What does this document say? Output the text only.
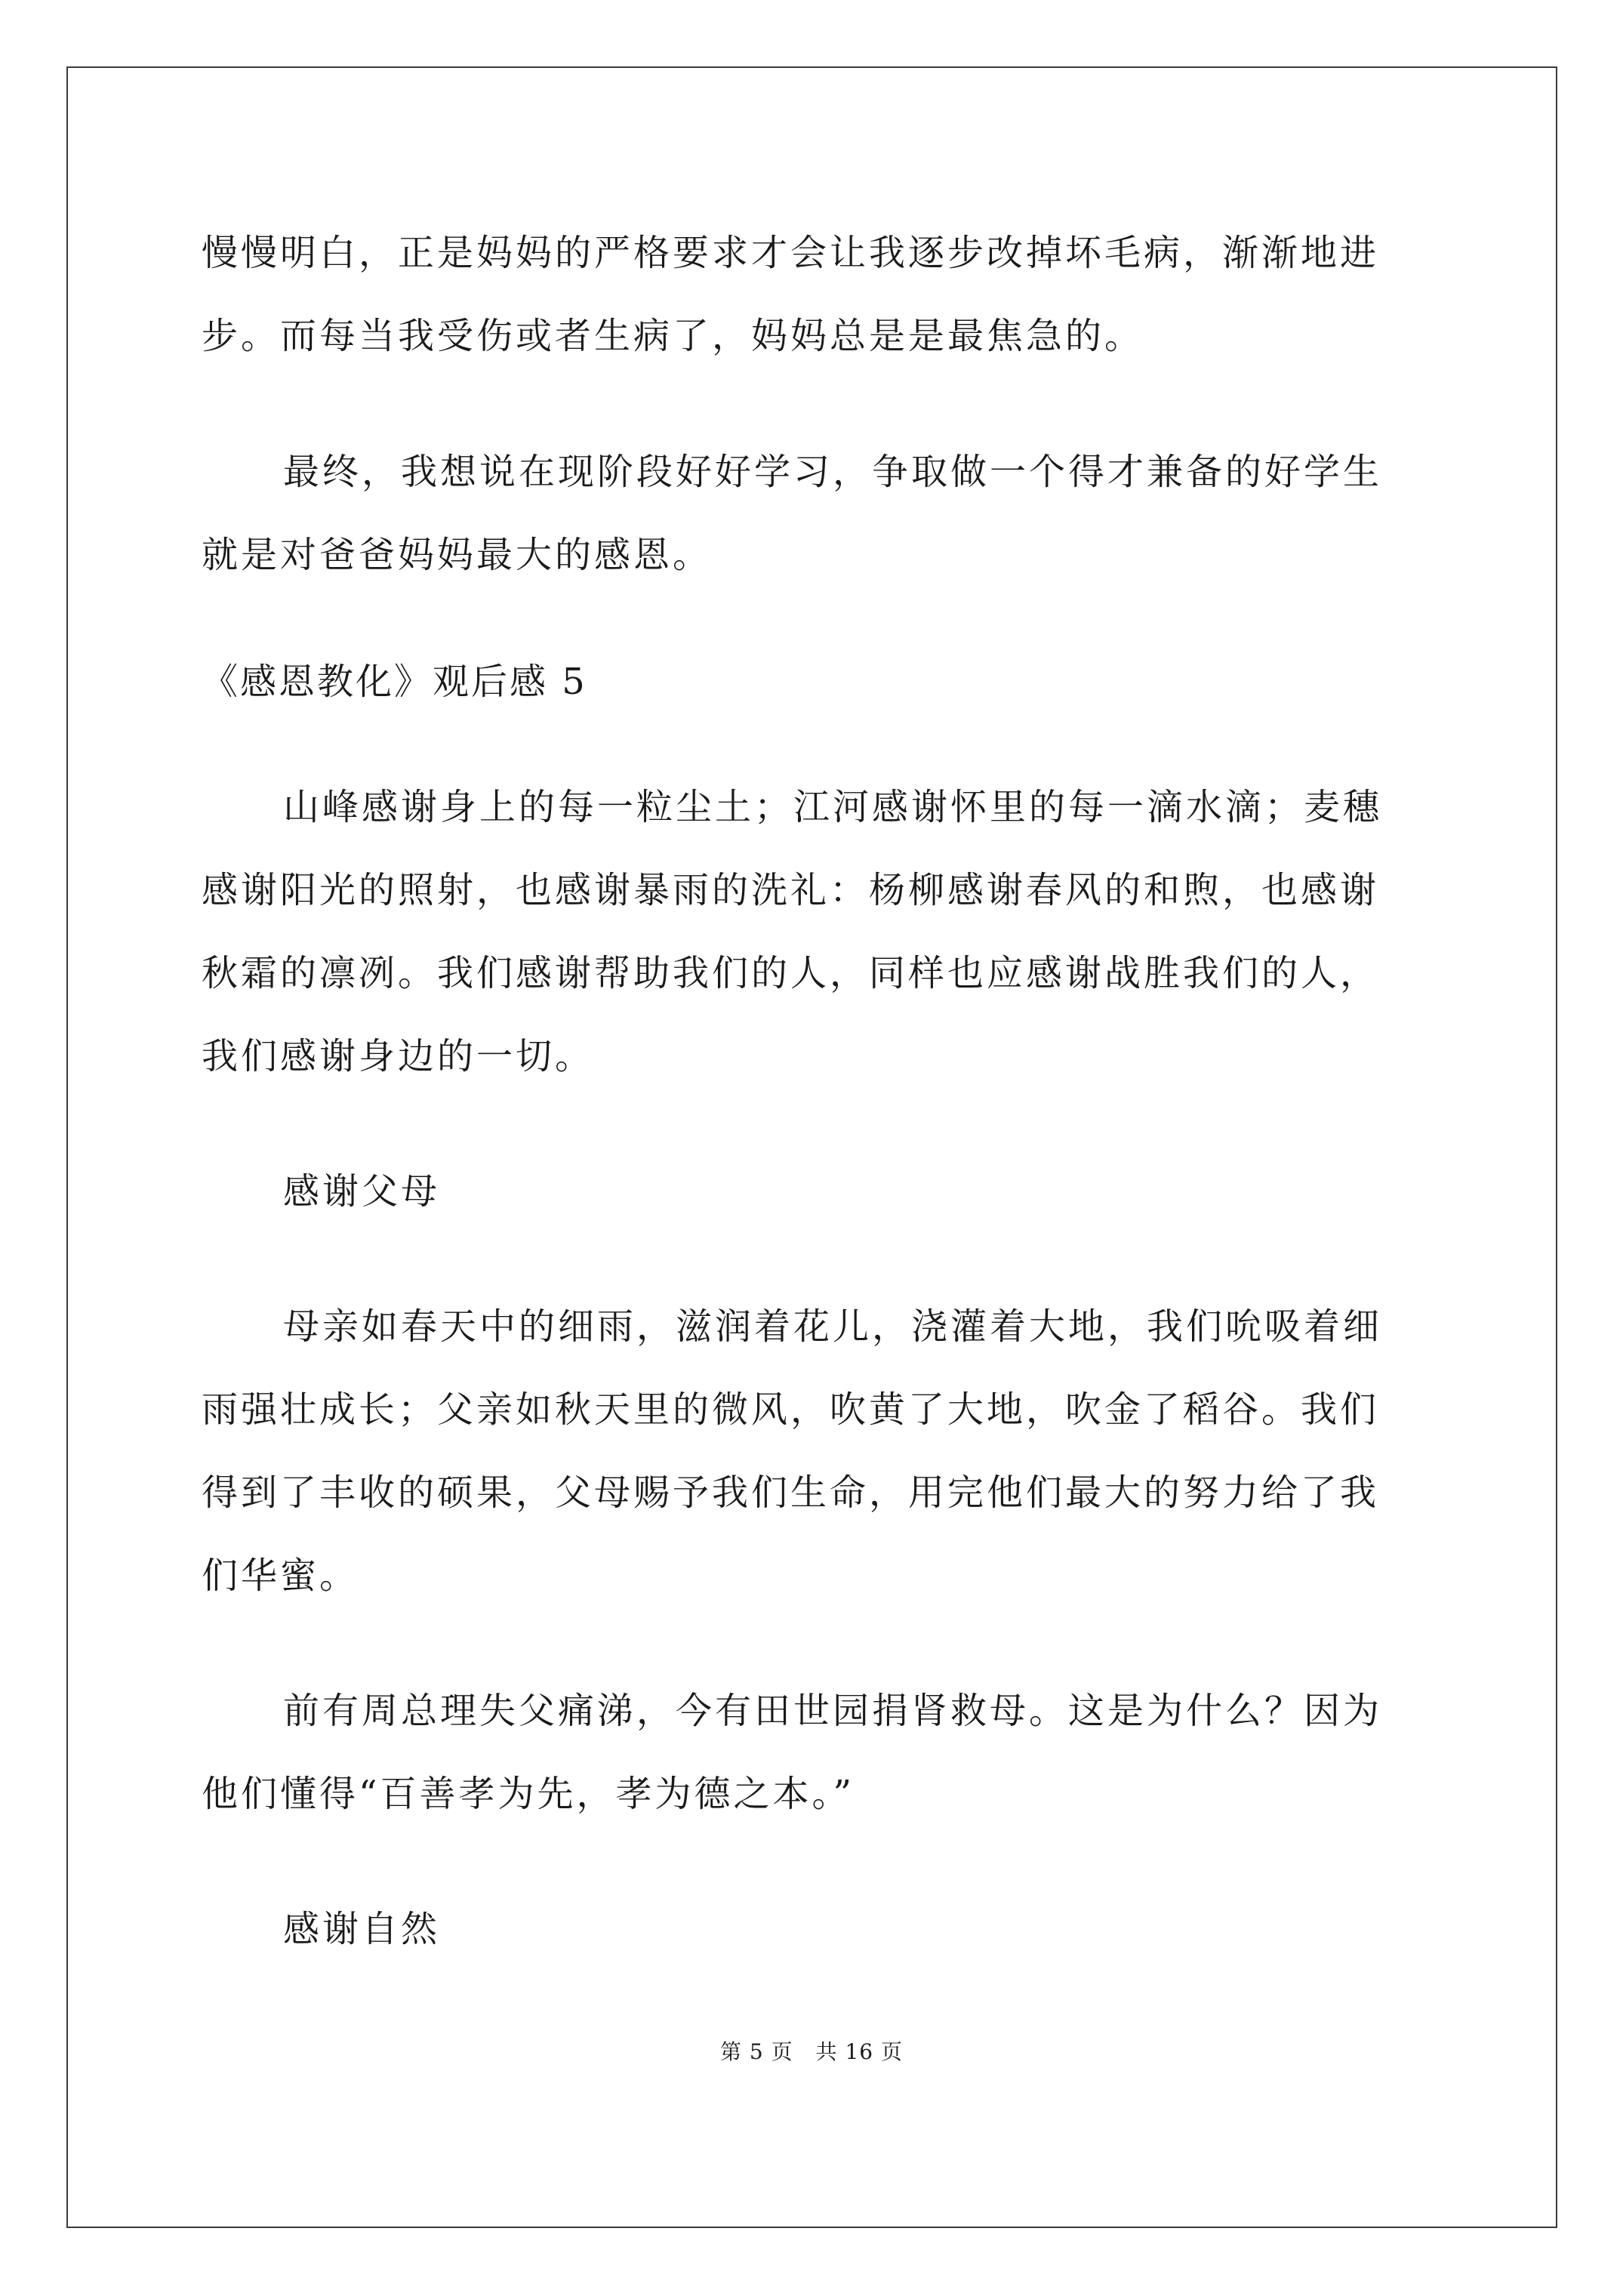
慢慢明白，正是妈妈的严格要求才会让我逐步改掉坏毛病，渐渐地进
步。而每当我受伤或者生病了，妈妈总是是最焦急的。
最终，我想说在现阶段好好学习，争取做一个得才兼备的好学生
就是对爸爸妈妈最大的感恩。
《感恩教化》观后感 5
山峰感谢身上的每一粒尘土；江河感谢怀里的每一滴水滴；麦穗
感谢阳光的照射，也感谢暴雨的洗礼：杨柳感谢春风的和煦，也感谢
秋霜的凛冽。我们感谢帮助我们的人，同样也应感谢战胜我们的人，
我们感谢身边的一切。
感谢父母
母亲如春天中的细雨，滋润着花儿，浇灌着大地，我们吮吸着细
雨强壮成长；父亲如秋天里的微风，吹黄了大地，吹金了稻谷。我们
得到了丰收的硕果，父母赐予我们生命，用完他们最大的努力给了我
们华蜜。
前有周总理失父痛涕，今有田世园捐肾救母。这是为什么？因为
他们懂得“百善孝为先，孝为德之本。”
感谢自然
第 5 页 共 16 页
